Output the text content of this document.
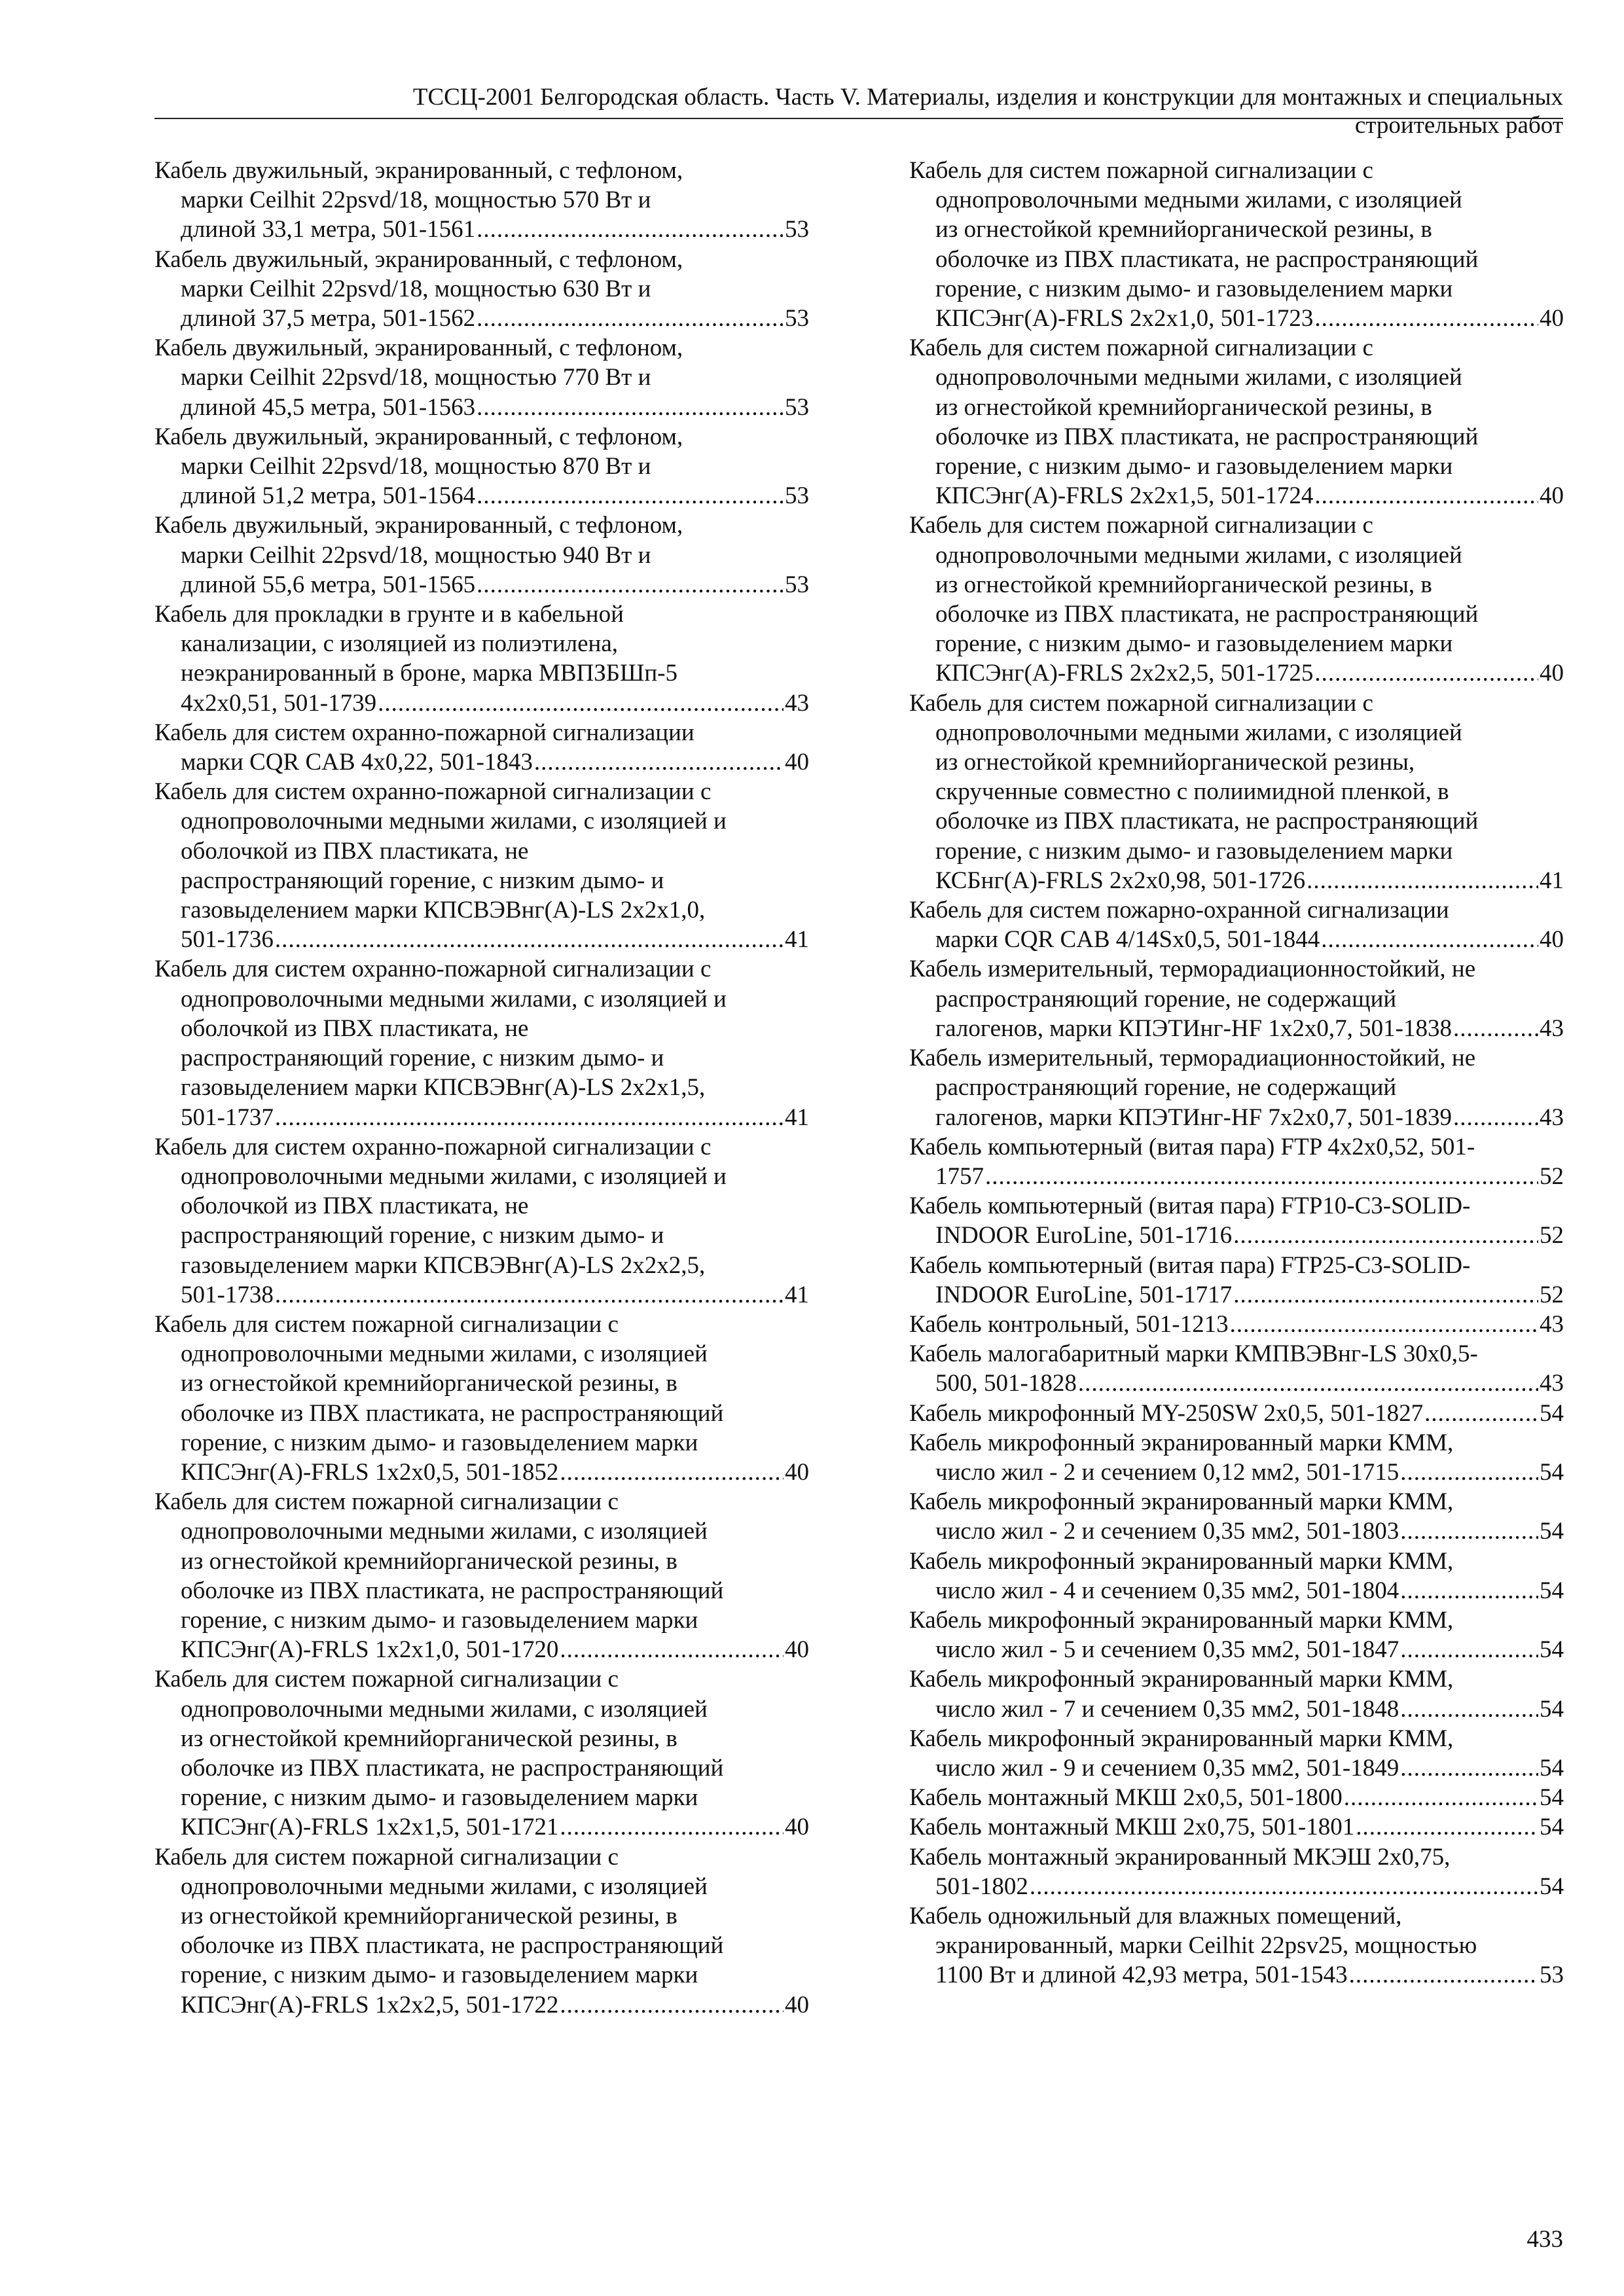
ТССЦ-2001 Белгородская область. Часть V. Материалы, изделия и конструкции для монтажных и специальных
строительных работ
Кабель двужильный, экранированный, с тефлоном,
марки Ceilhit 22psvd/18, мощностью 570 Вт и
длиной 33,1 метра, 501-1561 .....	53
Кабель двужильный, экранированный, с тефлоном,
марки Ceilhit 22psvd/18, мощностью 630 Вт и
длиной 37,5 метра, 501-1562 .....	53
Кабель двужильный, экранированный, с тефлоном,
марки Ceilhit 22psvd/18, мощностью 770 Вт и
длиной 45,5 метра, 501-1563 .....	53
Кабель двужильный, экранированный, с тефлоном,
марки Ceilhit 22psvd/18, мощностью 870 Вт и
длиной 51,2 метра, 501-1564 .....	53
Кабель двужильный, экранированный, с тефлоном,
марки Ceilhit 22psvd/18, мощностью 940 Вт и
длиной 55,6 метра, 501-1565 .....	53
Кабель для прокладки в грунте и в кабельной
канализации, с изоляцией из полиэтилена,
неэкранированный в броне, марка МВПЗБШп-5
4х2х0,51, 501-1739 .....	43
Кабель для систем охранно-пожарной сигнализации
марки CQR CAB 4x0,22, 501-1843 .....	40
Кабель для систем охранно-пожарной сигнализации с
однопроволочными медными жилами, с изоляцией и
оболочкой из ПВХ пластиката, не
распространяющий горение, с низким дымо- и
газовыделением марки КПСВЭВнг(А)-LS 2х2х1,0,
501-1736 .....	41
Кабель для систем охранно-пожарной сигнализации с
однопроволочными медными жилами, с изоляцией и
оболочкой из ПВХ пластиката, не
распространяющий горение, с низким дымо- и
газовыделением марки КПСВЭВнг(А)-LS 2х2х1,5,
501-1737 .....	41
Кабель для систем охранно-пожарной сигнализации с
однопроволочными медными жилами, с изоляцией и
оболочкой из ПВХ пластиката, не
распространяющий горение, с низким дымо- и
газовыделением марки КПСВЭВнг(А)-LS 2х2х2,5,
501-1738 .....	41
Кабель для систем пожарной сигнализации с
однопроволочными медными жилами, с изоляцией
из огнестойкой кремнийорганической резины, в
оболочке из ПВХ пластиката, не распространяющий
горение, с низким дымо- и газовыделением марки
КПСЭнг(А)-FRLS 1х2х0,5, 501-1852 .....	40
Кабель для систем пожарной сигнализации с
однопроволочными медными жилами, с изоляцией
из огнестойкой кремнийорганической резины, в
оболочке из ПВХ пластиката, не распространяющий
горение, с низким дымо- и газовыделением марки
КПСЭнг(А)-FRLS 1х2х1,0, 501-1720 .....	40
Кабель для систем пожарной сигнализации с
однопроволочными медными жилами, с изоляцией
из огнестойкой кремнийорганической резины, в
оболочке из ПВХ пластиката, не распространяющий
горение, с низким дымо- и газовыделением марки
КПСЭнг(А)-FRLS 1х2х1,5, 501-1721 .....	40
Кабель для систем пожарной сигнализации с
однопроволочными медными жилами, с изоляцией
из огнестойкой кремнийорганической резины, в
оболочке из ПВХ пластиката, не распространяющий
горение, с низким дымо- и газовыделением марки
КПСЭнг(А)-FRLS 1х2х2,5, 501-1722 .....	40
Кабель для систем пожарной сигнализации с
однопроволочными медными жилами, с изоляцией
из огнестойкой кремнийорганической резины, в
оболочке из ПВХ пластиката, не распространяющий
горение, с низким дымо- и газовыделением марки
КПСЭнг(А)-FRLS 2х2х1,0, 501-1723 .....	40
Кабель для систем пожарной сигнализации с
однопроволочными медными жилами, с изоляцией
из огнестойкой кремнийорганической резины, в
оболочке из ПВХ пластиката, не распространяющий
горение, с низким дымо- и газовыделением марки
КПСЭнг(А)-FRLS 2х2х1,5, 501-1724 .....	40
Кабель для систем пожарной сигнализации с
однопроволочными медными жилами, с изоляцией
из огнестойкой кремнийорганической резины, в
оболочке из ПВХ пластиката, не распространяющий
горение, с низким дымо- и газовыделением марки
КПСЭнг(А)-FRLS 2х2х2,5, 501-1725 .....	40
Кабель для систем пожарной сигнализации с
однопроволочными медными жилами, с изоляцией
из огнестойкой кремнийорганической резины,
скрученные совместно с полиимидной пленкой, в
оболочке из ПВХ пластиката, не распространяющий
горение, с низким дымо- и газовыделением марки
КСБнг(А)-FRLS 2х2х0,98, 501-1726 .....	41
Кабель для систем пожарно-охранной сигнализации
марки CQR CAB 4/14Sx0,5, 501-1844 .....	40
Кабель измерительный, терморадиационностойкий, не
распространяющий горение, не содержащий
галогенов, марки КПЭТИнг-HF 1х2х0,7, 501-1838 .....	43
Кабель измерительный, терморадиационностойкий, не
распространяющий горение, не содержащий
галогенов, марки КПЭТИнг-HF 7х2х0,7, 501-1839 .....	43
Кабель компьютерный (витая пара) FTP 4x2x0,52, 501-
1757 .....	52
Кабель компьютерный (витая пара) FTP10-C3-SOLID-
INDOOR EuroLine, 501-1716 .....	52
Кабель компьютерный (витая пара) FTP25-C3-SOLID-
INDOOR EuroLine, 501-1717 .....	52
Кабель контрольный, 501-1213 .....	43
Кабель малогабаритный марки КМПВЭВнг-LS 30х0,5-
500, 501-1828 .....	43
Кабель микрофонный MY-250SW 2x0,5, 501-1827 .....	54
Кабель микрофонный экранированный марки КММ,
число жил - 2 и сечением 0,12 мм2, 501-1715 .....	54
Кабель микрофонный экранированный марки КММ,
число жил - 2 и сечением 0,35 мм2, 501-1803 .....	54
Кабель микрофонный экранированный марки КММ,
число жил - 4 и сечением 0,35 мм2, 501-1804 .....	54
Кабель микрофонный экранированный марки КММ,
число жил - 5 и сечением 0,35 мм2, 501-1847 .....	54
Кабель микрофонный экранированный марки КММ,
число жил - 7 и сечением 0,35 мм2, 501-1848 .....	54
Кабель микрофонный экранированный марки КММ,
число жил - 9 и сечением 0,35 мм2, 501-1849 .....	54
Кабель монтажный МКШ 2х0,5, 501-1800 .....	54
Кабель монтажный МКШ 2х0,75, 501-1801 .....	54
Кабель монтажный экранированный МКЭШ 2х0,75,
501-1802 .....	54
Кабель одножильный для влажных помещений,
экранированный, марки Ceilhit 22psv25, мощностью
1100 Вт и длиной 42,93 метра, 501-1543 .....	53
433
